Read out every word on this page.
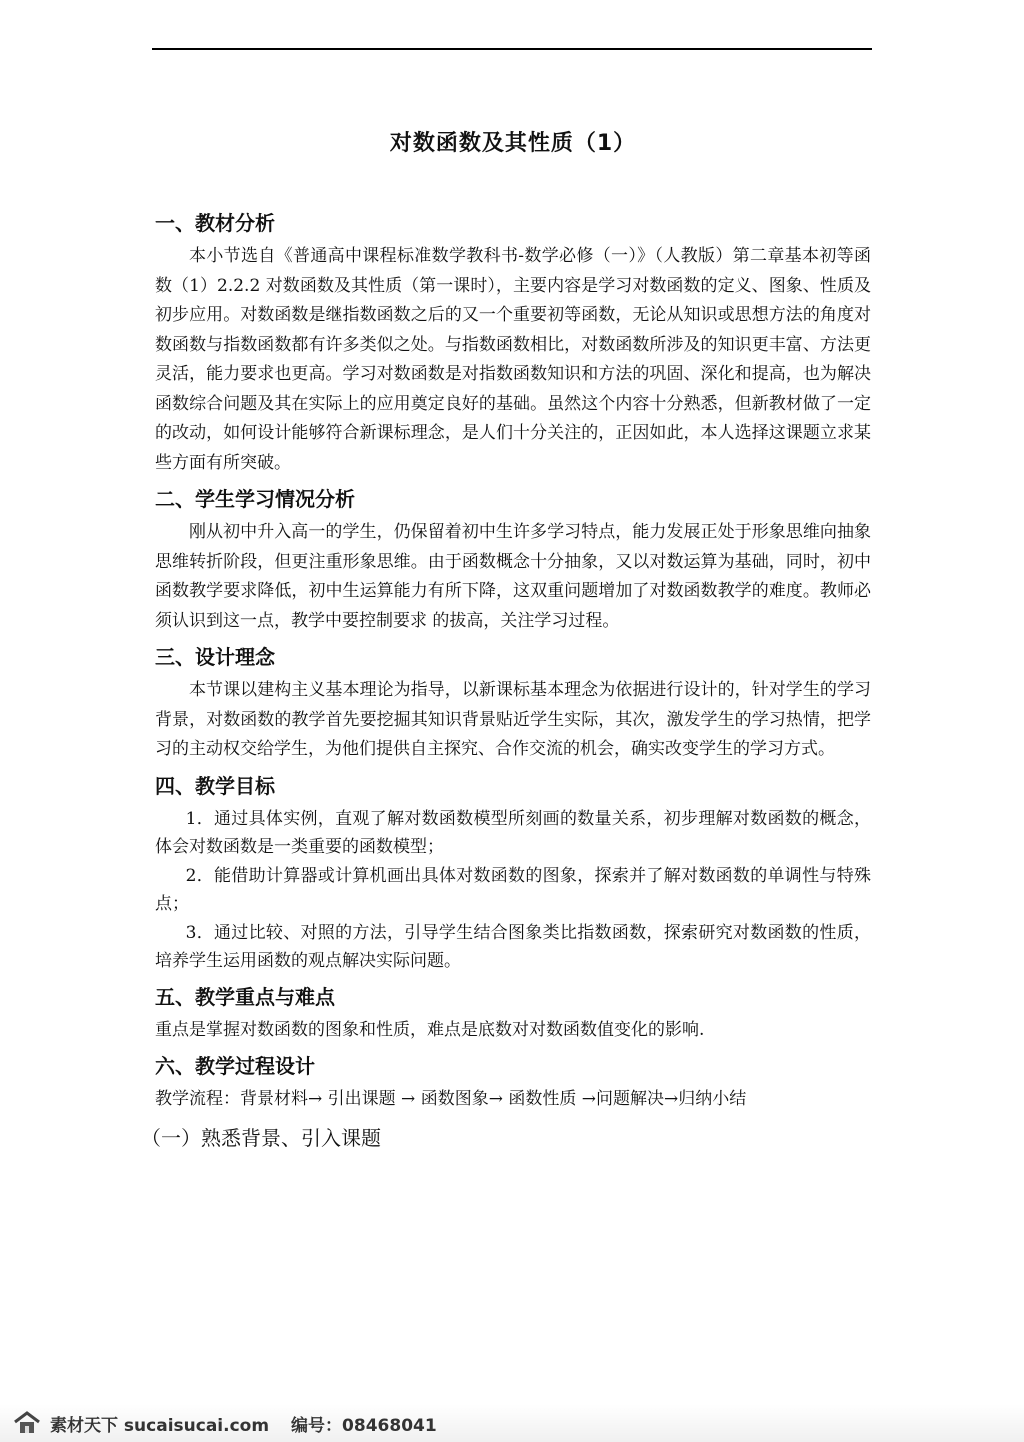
对数函数及其性质（1）
一、教材分析

本小节选自《普通高中课程标准数学教科书-数学必修（一）》（人教版）第二章基本初等函数（1）2.2.2 对数函数及其性质（第一课时），主要内容是学习对数函数的定义、图象、性质及初步应用。对数函数是继指数函数之后的又一个重要初等函数，无论从知识或思想方法的角度对数函数与指数函数都有许多类似之处。与指数函数相比，对数函数所涉及的知识更丰富、方法更灵活，能力要求也更高。学习对数函数是对指数函数知识和方法的巩固、深化和提高，也为解决函数综合问题及其在实际上的应用奠定良好的基础。虽然这个内容十分熟悉，但新教材做了一定的改动，如何设计能够符合新课标理念，是人们十分关注的，正因如此，本人选择这课题立求某些方面有所突破。

二、学生学习情况分析

刚从初中升入高一的学生，仍保留着初中生许多学习特点，能力发展正处于形象思维向抽象思维转折阶段，但更注重形象思维。由于函数概念十分抽象，又以对数运算为基础，同时，初中函数教学要求降低，初中生运算能力有所下降，这双重问题增加了对数函数教学的难度。教师必须认识到这一点，教学中要控制要求 的拔高，关注学习过程。

三、设计理念

本节课以建构主义基本理论为指导，以新课标基本理念为依据进行设计的，针对学生的学习背景，对数函数的教学首先要挖掘其知识背景贴近学生实际，其次，激发学生的学习热情，把学习的主动权交给学生，为他们提供自主探究、合作交流的机会，确实改变学生的学习方式。

四、教学目标

1．通过具体实例，直观了解对数函数模型所刻画的数量关系，初步理解对数函数的概念，体会对数函数是一类重要的函数模型；

2．能借助计算器或计算机画出具体对数函数的图象，探索并了解对数函数的单调性与特殊点；

3．通过比较、对照的方法，引导学生结合图象类比指数函数，探索研究对数函数的性质，培养学生运用函数的观点解决实际问题。

五、教学重点与难点

重点是掌握对数函数的图象和性质，难点是底数对对数函数值变化的影响.

六、教学过程设计

教学流程：背景材料→ 引出课题 → 函数图象→ 函数性质 →问题解决→归纳小结

（一）熟悉背景、引入课题
素材天下 sucaisucai.com 编号：08468041
